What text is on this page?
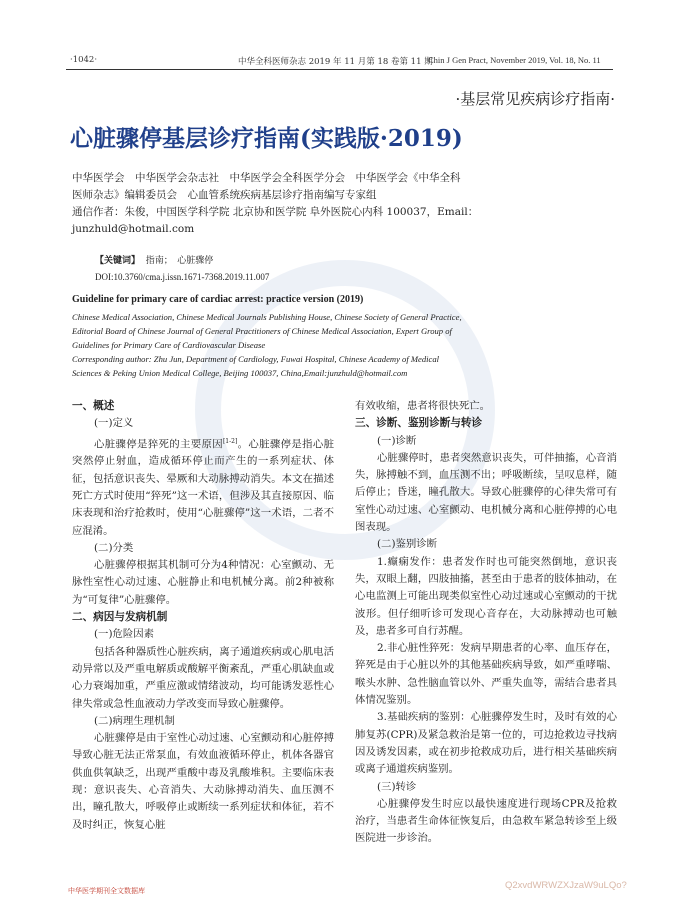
·1042·	中华全科医师杂志 2019 年 11 月第 18 卷第 11 期
Chin J Gen Pract, November 2019, Vol. 18, No. 11
·基层常见疾病诊疗指南·
心脏骤停基层诊疗指南(实践版·2019)
中华医学会　中华医学会杂志社　中华医学会全科医学分会　中华医学会《中华全科
医师杂志》编辑委员会　心血管系统疾病基层诊疗指南编写专家组
通信作者：朱俊，中国医学科学院 北京协和医学院 阜外医院心内科 100037，Email：
junzhuld@hotmail.com
【关键词】 指南；　心脏骤停
DOI:10.3760/cma.j.issn.1671-7368.2019.11.007
Guideline for primary care of cardiac arrest: practice version (2019)
Chinese Medical Association, Chinese Medical Journals Publishing House, Chinese Society of General Practice,
Editorial Board of Chinese Journal of General Practitioners of Chinese Medical Association, Expert Group of
Guidelines for Primary Care of Cardiovascular Disease
Corresponding author: Zhu Jun, Department of Cardiology, Fuwai Hospital, Chinese Academy of Medical
Sciences & Peking Union Medical College, Beijing 100037, China,Email:junzhuld@hotmail.com

一、概述

(一)定义

心脏骤停是猝死的主要原因[1-2]。心脏骤停是指心脏突然停止射血，造成循环停止而产生的一系列症状、体征，包括意识丧失、晕厥和大动脉搏动消失。本文在描述死亡方式时使用“猝死”这一术语，但涉及其直接原因、临床表现和治疗抢救时，使用“心脏骤停”这一术语，二者不应混淆。

(二)分类

心脏骤停根据其机制可分为4种情况：心室颤动、无脉性室性心动过速、心脏静止和电机械分离。前2种被称为“可复律”心脏骤停。

二、病因与发病机制

(一)危险因素

包括各种器质性心脏疾病，离子通道疾病或心肌电活动异常以及严重电解质或酸解平衡紊乱，严重心肌缺血或心力衰竭加重，严重应激或情绪波动，均可能诱发恶性心律失常或急性血液动力学改变而导致心脏骤停。

(二)病理生理机制

心脏骤停是由于室性心动过速、心室颤动和心脏停搏导致心脏无法正常泵血，有效血液循环停止，机体各器官供血供氧缺乏，出现严重酸中毒及乳酸堆积。主要临床表现：意识丧失、心音消失、大动脉搏动消失、血压测不出，瞳孔散大，呼吸停止或断续一系列症状和体征，若不及时纠正，恢复心脏

有效收缩，患者将很快死亡。

三、诊断、鉴别诊断与转诊

(一)诊断

心脏骤停时，患者突然意识丧失，可伴抽搐，心音消失，脉搏触不到，血压测不出；呼吸断续，呈叹息样，随后停止；昏迷，瞳孔散大。导致心脏骤停的心律失常可有室性心动过速、心室颤动、电机械分离和心脏停搏的心电图表现。

(二)鉴别诊断

1.癫痫发作：患者发作时也可能突然倒地，意识丧失，双眼上翻，四肢抽搐，甚至由于患者的肢体抽动，在心电监测上可能出现类似室性心动过速或心室颤动的干扰波形。但仔细听诊可发现心音存在，大动脉搏动也可触及，患者多可自行苏醒。

2.非心脏性猝死：发病早期患者的心率、血压存在，猝死是由于心脏以外的其他基础疾病导致，如严重哮喘、喉头水肿、急性脑血管以外、严重失血等，需结合患者具体情况鉴别。

3.基础疾病的鉴别：心脏骤停发生时，及时有效的心肺复苏(CPR)及紧急救治是第一位的，可边抢救边寻找病因及诱发因素，或在初步抢救成功后，进行相关基础疾病或离子通道疾病鉴别。

(三)转诊

心脏骤停发生时应以最快速度进行现场CPR及抢救治疗，当患者生命体征恢复后，由急救车紧急转诊至上级医院进一步诊治。

中华医学期刊全文数据库	Q2xvdWRWZXJzaW9uLQo?
